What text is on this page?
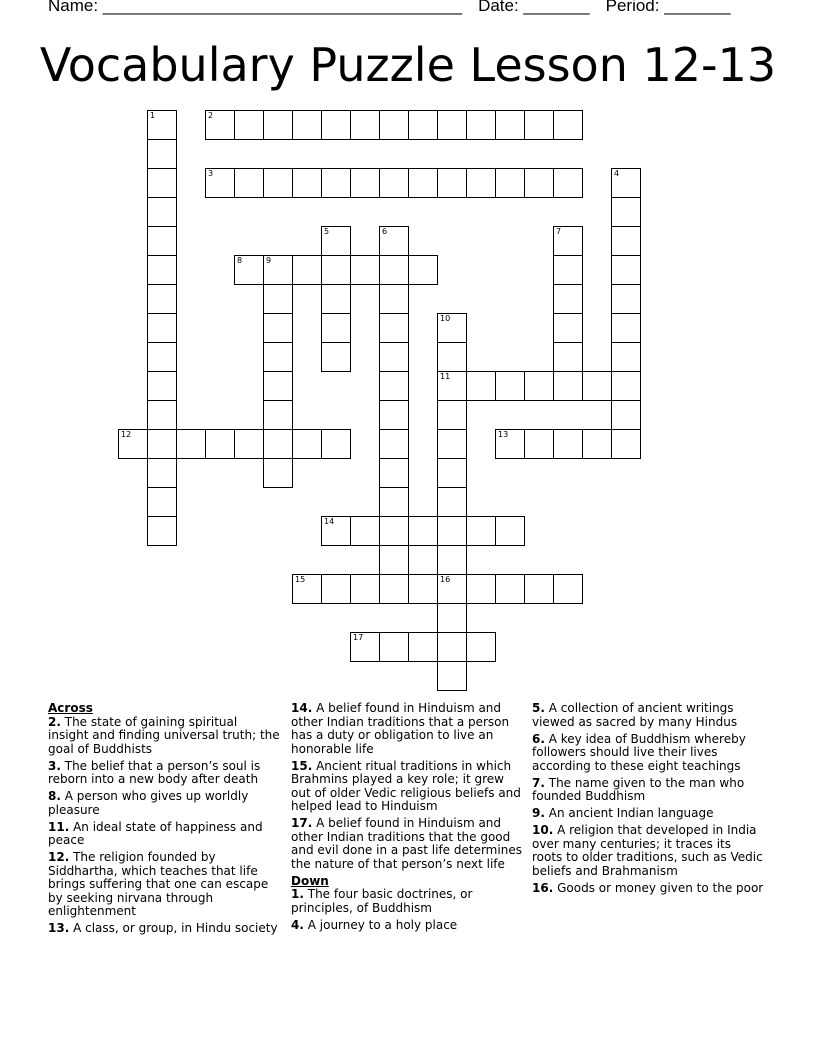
Name: ______________________________________ Date: _______ Period: _______
Vocabulary Puzzle Lesson 12-13
1	2
3	4
5	6	7
8	9
10
11
16
12	13
14
15
17
Across
2. The state of gaining spiritual insight and finding universal truth; the goal of Buddhists
3. The belief that a person’s soul is reborn into a new body after death
8. A person who gives up worldly pleasure
11. An ideal state of happiness and peace
12. The religion founded by Siddhartha, which teaches that life brings suffering that one can escape by seeking nirvana through enlightenment
13. A class, or group, in Hindu society
14. A belief found in Hinduism and other Indian traditions that a person has a duty or obligation to live an honorable life
15. Ancient ritual traditions in which Brahmins played a key role; it grew out of older Vedic religious beliefs and helped lead to Hinduism
17. A belief found in Hinduism and other Indian traditions that the good and evil done in a past life determines the nature of that person’s next life
Down
1. The four basic doctrines, or principles, of Buddhism
4. A journey to a holy place
5. A collection of ancient writings viewed as sacred by many Hindus
6. A key idea of Buddhism whereby followers should live their lives according to these eight teachings
7. The name given to the man who founded Buddhism
9. An ancient Indian language
10. A religion that developed in India over many centuries; it traces its roots to older traditions, such as Vedic beliefs and Brahmanism
16. Goods or money given to the poor
